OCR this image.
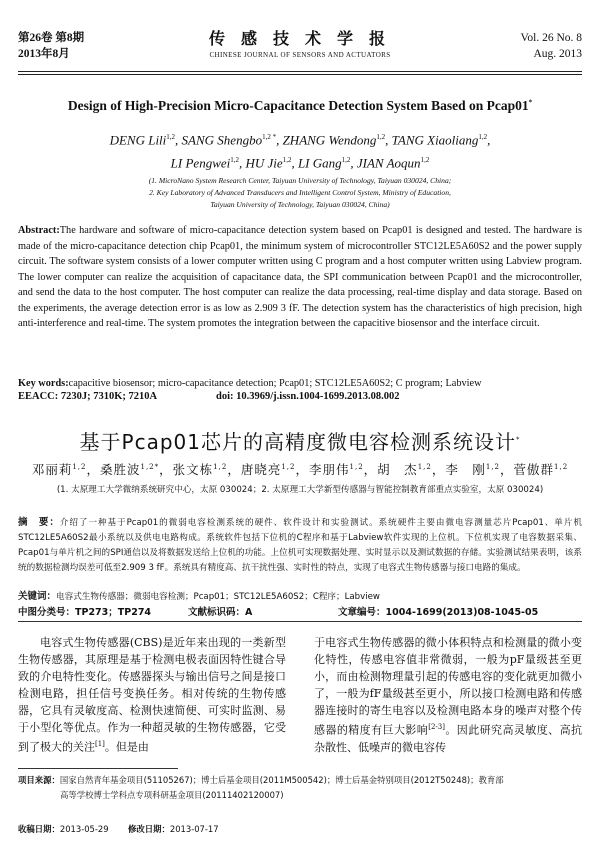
第26卷 第8期
2013年8月
传 感 技 术 学 报
CHINESE JOURNAL OF SENSORS AND ACTUATORS
Vol. 26 No. 8
Aug. 2013
Design of High-Precision Micro-Capacitance Detection System Based on Pcap01*
DENG Lili$^{1,2}$, SANG Shengbo$^{1,2 *}$, ZHANG Wendong$^{1,2}$, TANG Xiaoliang$^{1,2}$,
LI Pengwei$^{1,2}$, HU Jie$^{1,2}$, LI Gang$^{1,2}$, JIAN Aoqun$^{1,2}$
(1. MicroNano System Research Center, Taiyuan University of Technology, Taiyuan 030024, China;
2. Key Laboratory of Advanced Transducers and Intelligent Control System, Ministry of Education,
Taiyuan University of Technology, Taiyuan 030024, China)
Abstract:The hardware and software of micro-capacitance detection system based on Pcap01 is designed and tested. The hardware is made of the micro-capacitance detection chip Pcap01, the minimum system of microcontroller STC12LE5A60S2 and the power supply circuit. The software system consists of a lower computer written using C program and a host computer written using Labview program. The lower computer can realize the acquisition of capacitance data, the SPI communication between Pcap01 and the microcontroller, and send the data to the host computer. The host computer can realize the data processing, real-time display and data storage. Based on the experiments, the average detection error is as low as 2.909 3 fF. The detection system has the characteristics of high precision, high anti-interference and real-time. The system promotes the integration between the capacitive biosensor and the interface circuit.
Key words:capacitive biosensor; micro-capacitance detection; Pcap01; STC12LE5A60S2; C program; Labview
EEACC: 7230J; 7310K; 7210A	doi: 10.3969/j.issn.1004-1699.2013.08.002
基于Pcap01芯片的高精度微电容检测系统设计*
邓丽莉$^{1,2}$，桑胜波$^{1,2*}$，张文栋$^{1,2}$，唐晓亮$^{1,2}$，李朋伟$^{1,2}$，胡　杰$^{1,2}$，李　刚$^{1,2}$，菅傲群$^{1,2}$
(1. 太原理工大学微纳系统研究中心，太原 030024；2. 太原理工大学新型传感器与智能控制教育部重点实验室，太原 030024)
摘　要：介绍了一种基于Pcap01的微弱电容检测系统的硬件、软件设计和实验测试。系统硬件主要由微电容测量芯片Pcap01、单片机STC12LE5A60S2最小系统以及供电电路构成。系统软件包括下位机的C程序和基于Labview软件实现的上位机。下位机实现了电容数据采集、Pcap01与单片机之间的SPI通信以及将数据发送给上位机的功能。上位机可实现数据处理、实时显示以及测试数据的存储。实验测试结果表明，该系统的数据检测均误差可低至2.909 3 fF。系统具有精度高、抗干扰性强、实时性的特点，实现了电容式生物传感器与接口电路的集成。
关键词：电容式生物传感器；微弱电容检测；Pcap01；STC12LE5A60S2；C程序；Labview
中图分类号：TP273；TP274	文献标识码：A	文章编号：1004-1699(2013)08-1045-05

电容式生物传感器(CBS)是近年来出现的一类新型生物传感器，其原理是基于检测电极表面因特性键合导致的介电特性变化。传感器探头与输出信号之间是接口检测电路，担任信号变换任务。相对传统的生物传感器，它具有灵敏度高、检测快速简便、可实时监测、易于小型化等优点。作为一种超灵敏的生物传感器，它受到了极大的关注[1]。但是由

于电容式生物传感器的微小体积特点和检测量的微小变化特性，传感电容值非常微弱，一般为pF量级甚至更小，而由检测物理量引起的传感电容的变化就更加微小了，一般为fF量级甚至更小，所以接口检测电路和传感器连接时的寄生电容以及检测电路本身的噪声对整个传感器的精度有巨大影响[2-3]。因此研究高灵敏度、高抗杂散性、低噪声的微电容传

项目来源：国家自然青年基金项目(51105267)；博士后基金项目(2011M500542)；博士后基金特别项目(2012T50248)；教育部
高等学校博士学科点专项科研基金项目(20111402120007)
收稿日期：2013-05-29 修改日期：2013-07-17
